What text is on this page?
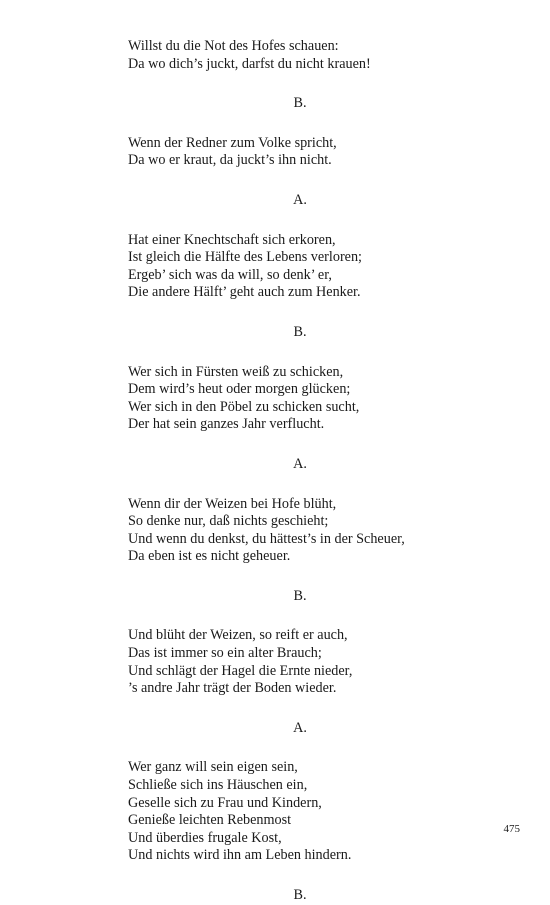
Willst du die Not des Hofes schauen:
Da wo dich’s juckt, darfst du nicht krauen!
B.
Wenn der Redner zum Volke spricht,
Da wo er kraut, da juckt’s ihn nicht.
A.
Hat einer Knechtschaft sich erkoren,
Ist gleich die Hälfte des Lebens verloren;
Ergeb’ sich was da will, so denk’ er,
Die andere Hälft’ geht auch zum Henker.
B.
Wer sich in Fürsten weiß zu schicken,
Dem wird’s heut oder morgen glücken;
Wer sich in den Pöbel zu schicken sucht,
Der hat sein ganzes Jahr verflucht.
A.
Wenn dir der Weizen bei Hofe blüht,
So denke nur, daß nichts geschieht;
Und wenn du denkst, du hättest’s in der Scheuer,
Da eben ist es nicht geheuer.
B.
Und blüht der Weizen, so reift er auch,
Das ist immer so ein alter Brauch;
Und schlägt der Hagel die Ernte nieder,
’s andre Jahr trägt der Boden wieder.
A.
Wer ganz will sein eigen sein,
Schließe sich ins Häuschen ein,
Geselle sich zu Frau und Kindern,
Genieße leichten Rebenmost
Und überdies frugale Kost,
Und nichts wird ihn am Leben hindern.
B.
475
